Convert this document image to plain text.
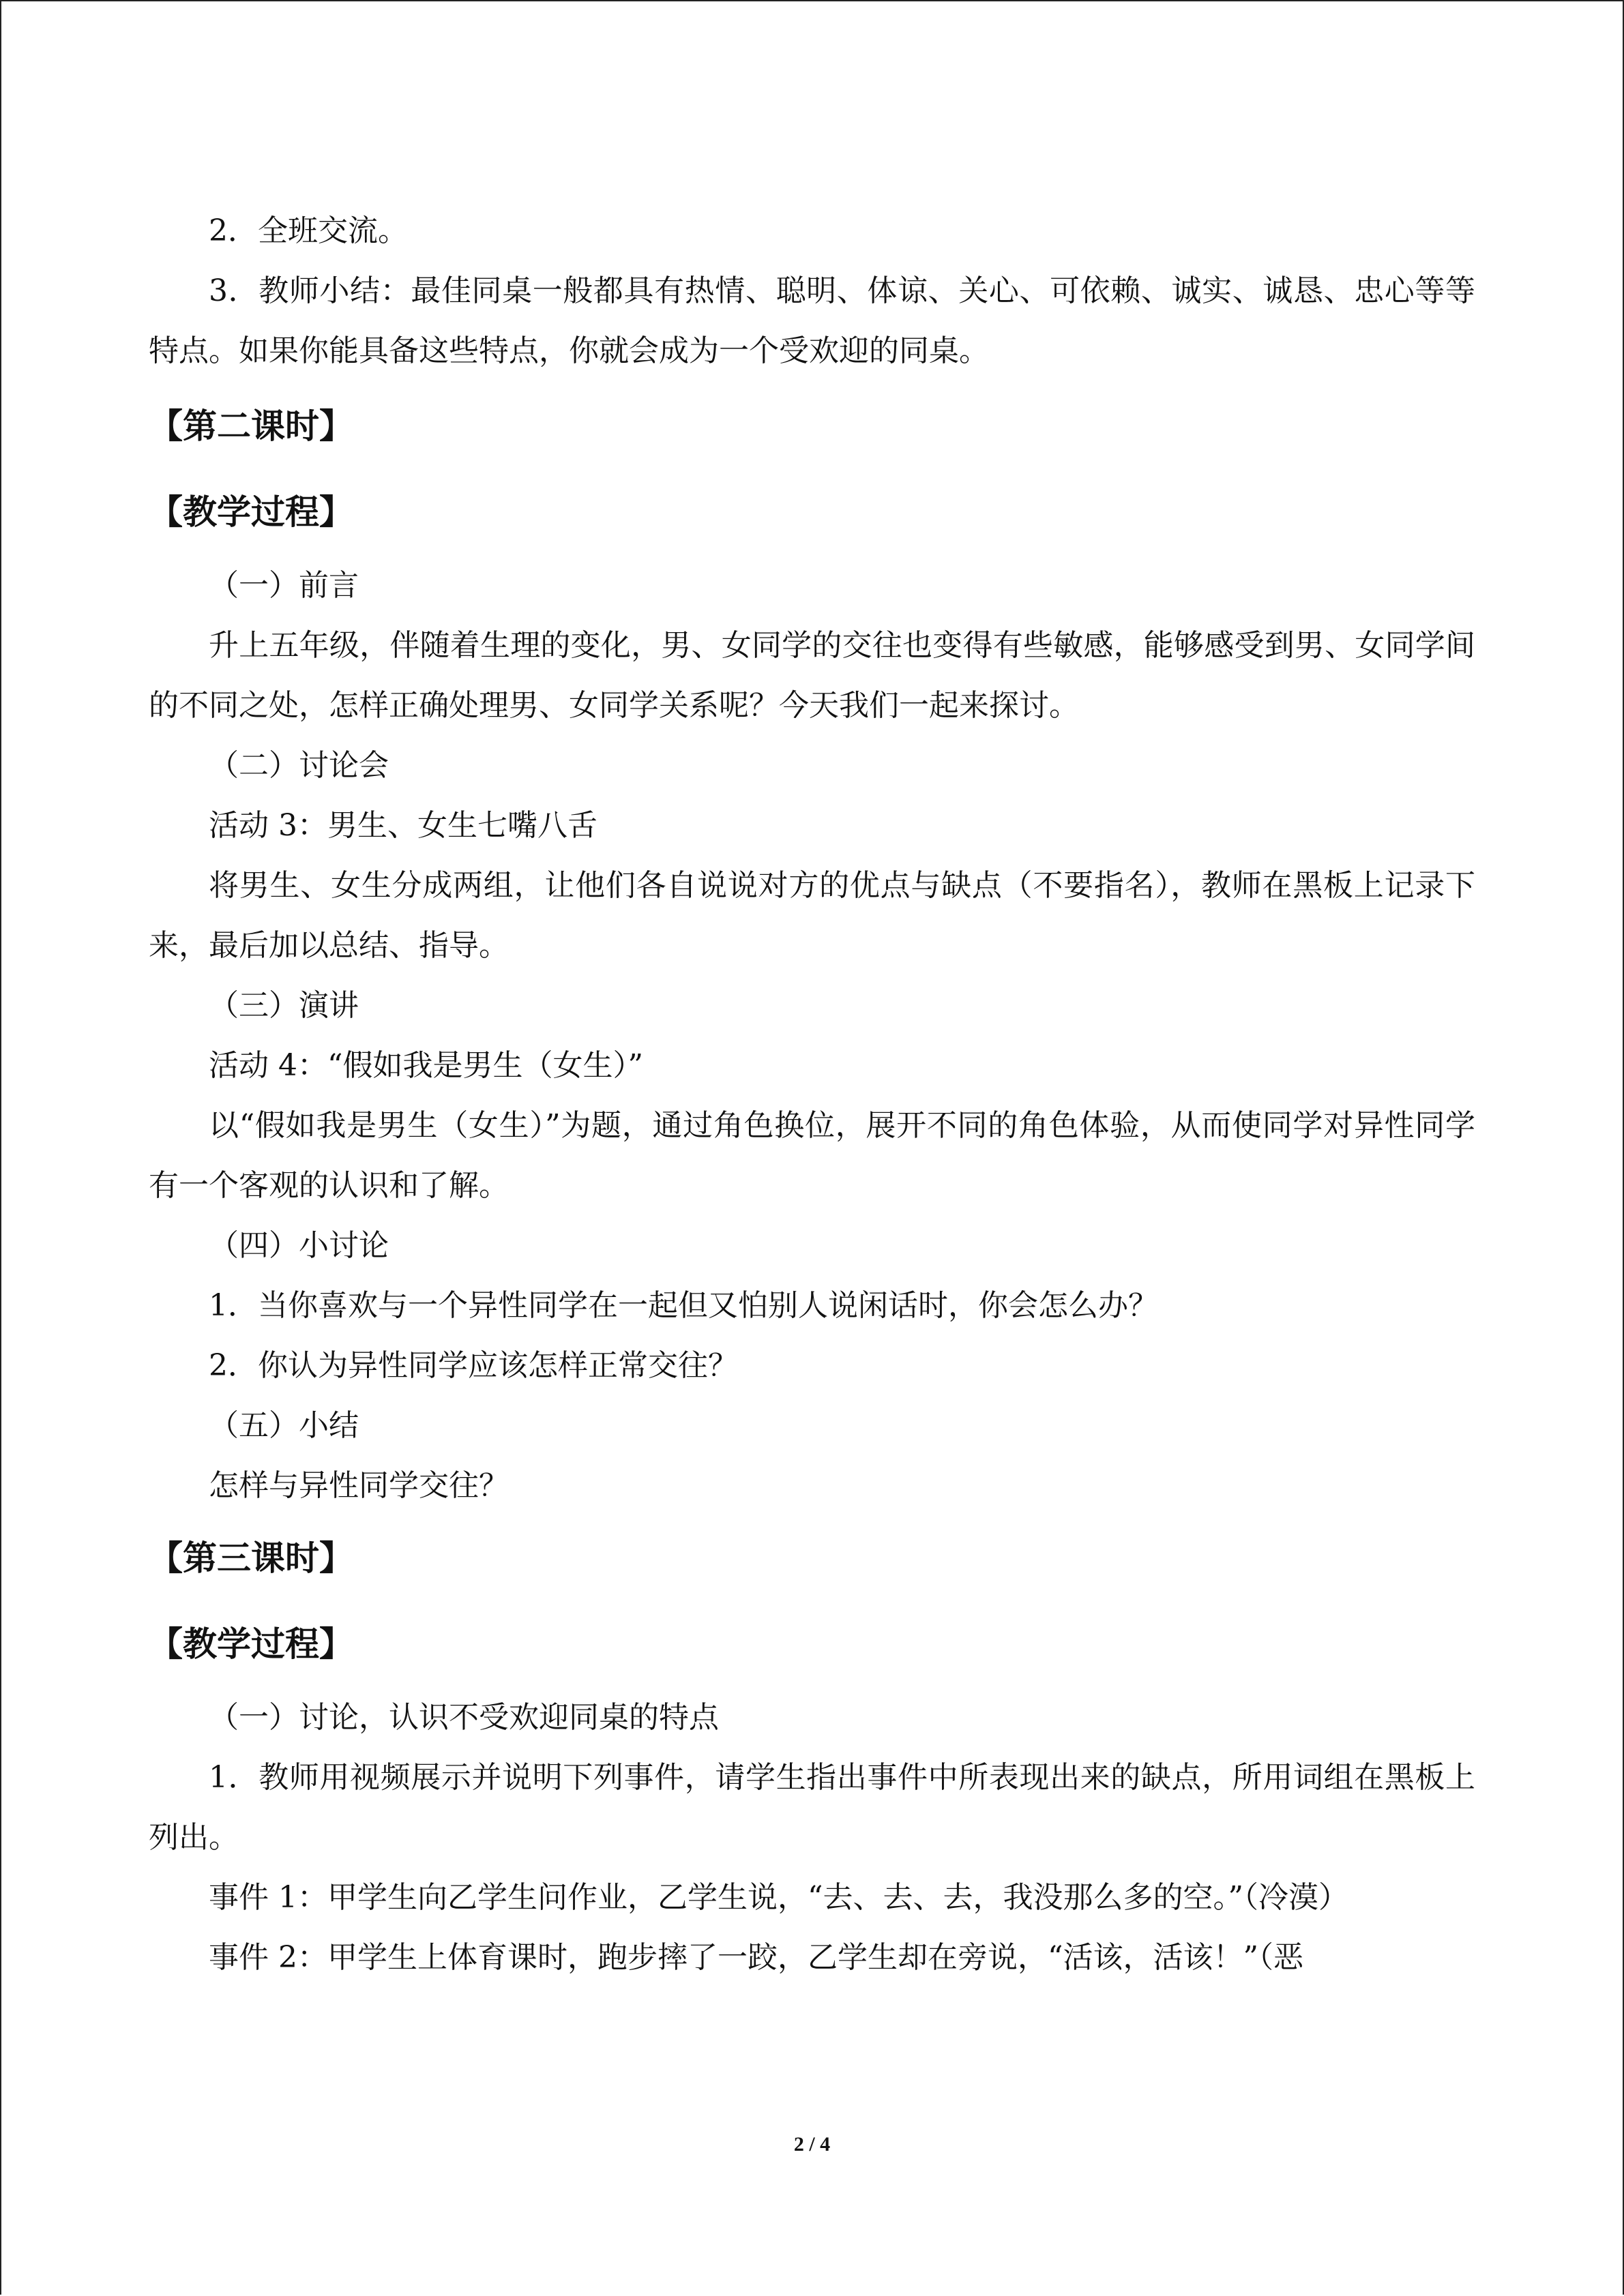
2．全班交流。

3．教师小结：最佳同桌一般都具有热情、聪明、体谅、关心、可依赖、诚实、诚恳、忠心等等特点。如果你能具备这些特点，你就会成为一个受欢迎的同桌。

【第二课时】
【教学过程】

（一）前言

升上五年级，伴随着生理的变化，男、女同学的交往也变得有些敏感，能够感受到男、女同学间的不同之处，怎样正确处理男、女同学关系呢？今天我们一起来探讨。

（二）讨论会

活动 3：男生、女生七嘴八舌

将男生、女生分成两组，让他们各自说说对方的优点与缺点（不要指名），教师在黑板上记录下来，最后加以总结、指导。

（三）演讲

活动 4：“假如我是男生（女生）”

以“假如我是男生（女生）”为题，通过角色换位，展开不同的角色体验，从而使同学对异性同学有一个客观的认识和了解。

（四）小讨论

1．当你喜欢与一个异性同学在一起但又怕别人说闲话时，你会怎么办？

2．你认为异性同学应该怎样正常交往？

（五）小结

怎样与异性同学交往？

【第三课时】
【教学过程】

（一）讨论，认识不受欢迎同桌的特点

1．教师用视频展示并说明下列事件，请学生指出事件中所表现出来的缺点，所用词组在黑板上列出。

事件 1：甲学生向乙学生问作业，乙学生说，“去、去、去，我没那么多的空。”（冷漠）

事件 2：甲学生上体育课时，跑步摔了一跤，乙学生却在旁说，“活该，活该！”（恶

2 / 4
